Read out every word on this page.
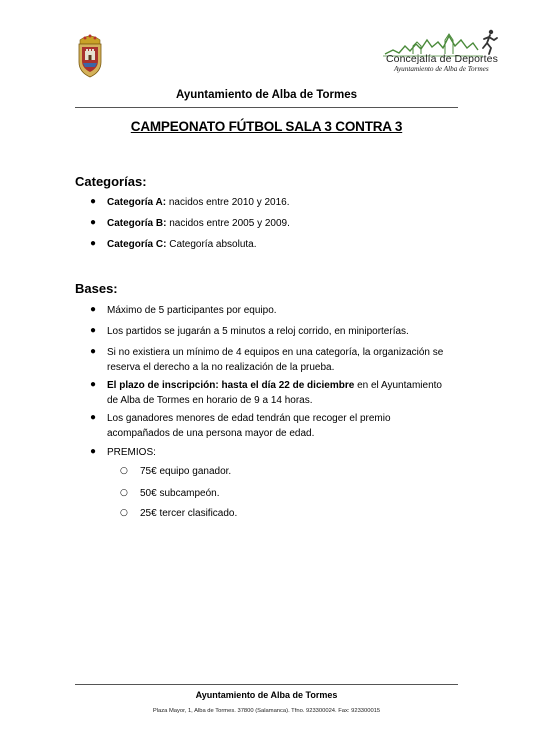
Concejalía de Deportes
Ayuntamiento de Alba de Tormes
Ayuntamiento de Alba de Tormes
CAMPEONATO FÚTBOL SALA 3 CONTRA 3
Categorías:
● Categoría A: nacidos entre 2010 y 2016.
● Categoría B: nacidos entre 2005 y 2009.
● Categoría C: Categoría absoluta.
Bases:
● Máximo de 5 participantes por equipo.
● Los partidos se jugarán a 5 minutos a reloj corrido, en miniporterías.
● Si no existiera un mínimo de 4 equipos en una categoría, la organización se reserva el derecho a la no realización de la prueba.
● El plazo de inscripción: hasta el día 22 de diciembre en el Ayuntamiento de Alba de Tormes en horario de 9 a 14 horas.
● Los ganadores menores de edad tendrán que recoger el premio acompañados de una persona mayor de edad.
● PREMIOS:
○ 75€ equipo ganador.
○ 50€ subcampeón.
○ 25€ tercer clasificado.
Ayuntamiento de Alba de Tormes
Plaza Mayor, 1, Alba de Tormes. 37800 (Salamanca). Tfno. 923300024. Fax: 923300015
